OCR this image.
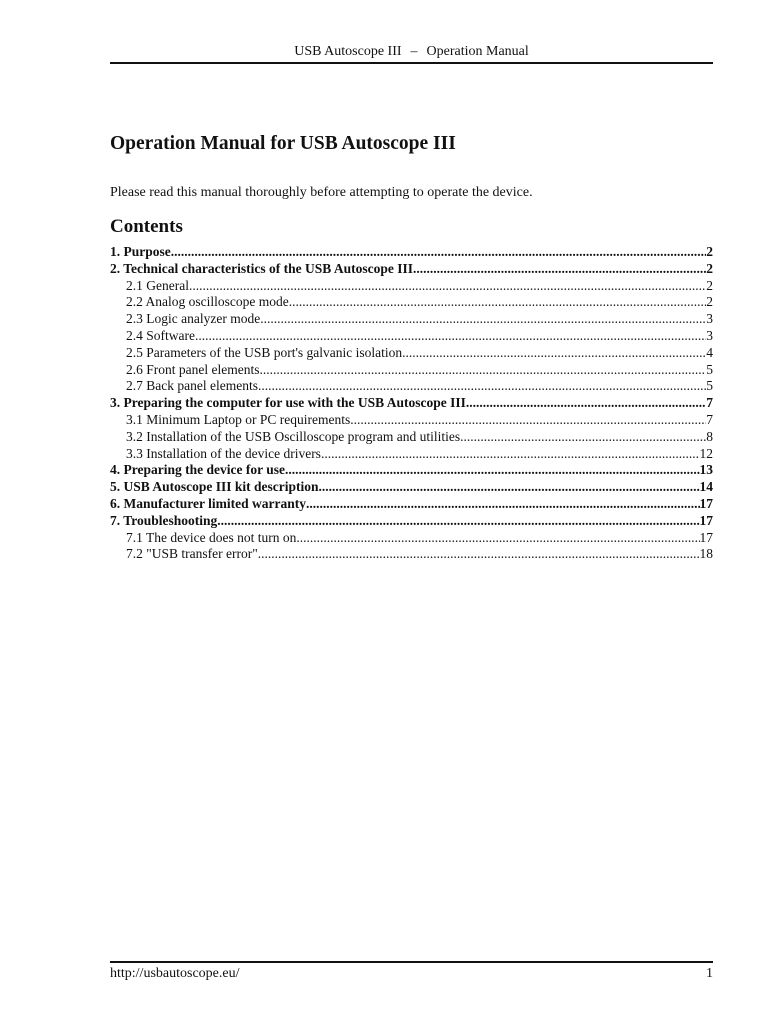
USB Autoscope III – Operation Manual
Operation Manual for USB Autoscope III

Please read this manual thoroughly before attempting to operate the device.

Contents
1. Purpose .....	2
2. Technical characteristics of the USB Autoscope III .....	2
2.1 General .....	2
2.2 Analog oscilloscope mode .....	2
2.3 Logic analyzer mode .....	3
2.4 Software .....	3
2.5 Parameters of the USB port's galvanic isolation .....	4
2.6 Front panel elements .....	5
2.7 Back panel elements .....	5
3. Preparing the computer for use with the USB Autoscope III .....	7
3.1 Minimum Laptop or PC requirements .....	7
3.2 Installation of the USB Oscilloscope program and utilities .....	8
3.3 Installation of the device drivers .....	12
4. Preparing the device for use .....	13
5. USB Autoscope III kit description .....	14
6. Manufacturer limited warranty .....	17
7. Troubleshooting .....	17
7.1 The device does not turn on .....	17
7.2 "USB transfer error" .....	18
http://usbautoscope.eu/	1
